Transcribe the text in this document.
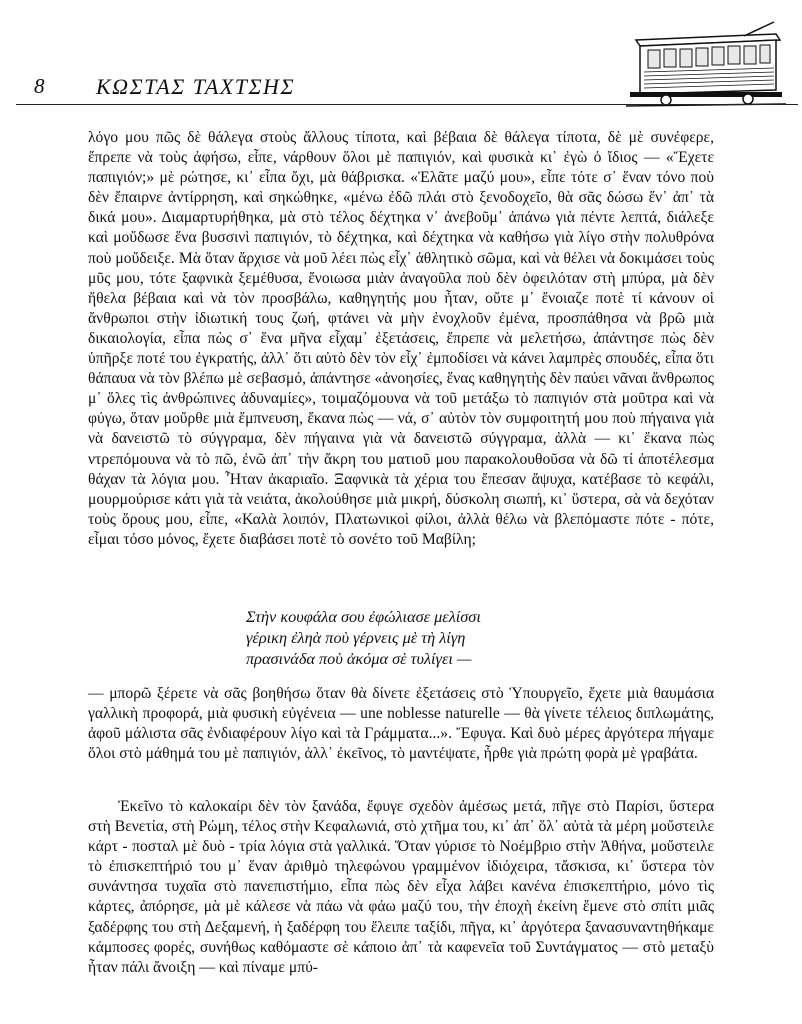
8 ΚΩΣΤΑΣ ΤΑΧΤΣΗΣ

λόγο μου πῶς δὲ θάλεγα στοὺς ἄλλους τίποτα, καὶ βέβαια δὲ θάλεγα τίποτα, δὲ μὲ συνέφερε, ἔπρεπε νὰ τοὺς ἀφήσω, εἶπε, νάρθουν ὅλοι μὲ παπιγιόν, καὶ φυσικὰ κι᾿ ἐγὼ ὁ ἴδιος — «Ἔχετε παπιγιόν;» μὲ ρώτησε, κι᾿ εἶπα ὄχι, μὰ θάβρισκα. «Ἐλᾶτε μαζύ μου», εἶπε τότε σ᾿ ἕναν τόνο ποὺ δὲν ἔπαιρνε ἀντίρρηση, καὶ σηκώθηκε, «μένω ἐδῶ πλάι στὸ ξενοδοχεῖο, θὰ σᾶς δώσω ἕν᾿ ἀπ᾿ τὰ δικά μου». Διαμαρτυρήθηκα, μὰ στὸ τέλος δέχτηκα ν᾿ ἀνεβοῦμ᾿ ἀπάνω γιὰ πέντε λεπτά, διάλεξε καὶ μοὔδωσε ἕνα βυσσινὶ παπιγιόν, τὸ δέχτηκα, καὶ δέχτηκα νὰ καθήσω γιὰ λίγο στὴν πολυθρόνα ποὺ μοὔδειξε. Μὰ ὅταν ἄρχισε νὰ μοῦ λέει πὼς εἶχ᾿ ἀθλητικὸ σῶμα, καὶ νὰ θέλει νὰ δοκιμάσει τοὺς μῦς μου, τότε ξαφνικὰ ξεμέθυσα, ἔνοιωσα μιὰν ἀναγοῦλα ποὺ δὲν ὀφειλόταν στὴ μπύρα, μὰ δὲν ἤθελα βέβαια καὶ νὰ τὸν προσβάλω, καθηγητής μου ἦταν, οὔτε μ᾿ ἔνοιαζε ποτὲ τί κάνουν οἱ ἄνθρωποι στὴν ἰδιωτική τους ζωή, φτάνει νὰ μὴν ἐνοχλοῦν ἐμένα, προσπάθησα νὰ βρῶ μιὰ δικαιολογία, εἶπα πὼς σ᾿ ἕνα μῆνα εἶχαμ᾿ ἐξετάσεις, ἔπρεπε νὰ μελετήσω, ἀπάντησε πὼς δὲν ὑπῆρξε ποτέ του ἐγκρατής, ἀλλ᾿ ὅτι αὐτὸ δὲν τὸν εἶχ᾿ ἐμποδίσει νὰ κάνει λαμπρὲς σπουδές, εἶπα ὅτι θάπαυα νὰ τὸν βλέπω μὲ σεβασμό, ἀπάντησε «ἀνοησίες, ἕνας καθηγητὴς δὲν παύει νᾶναι ἄνθρωπος μ᾿ ὅλες τὶς ἀνθρώπινες ἀδυναμίες», τοιμαζόμουνα νὰ τοῦ μετάξω τὸ παπιγιόν στὰ μοῦτρα καὶ νὰ φύγω, ὅταν μοὔρθε μιὰ ἔμπνευση, ἔκανα πὼς — νά, σ᾿ αὐτὸν τὸν συμφοιτητή μου ποὺ πήγαινα γιὰ νὰ δανειστῶ τὸ σύγγραμα, δὲν πήγαινα γιὰ νὰ δανειστῶ σύγγραμα, ἀλλὰ — κι᾿ ἔκανα πὼς ντρεπόμουνα νὰ τὸ πῶ, ἐνῶ ἀπ᾿ τὴν ἄκρη του ματιοῦ μου παρακολουθοῦσα νὰ δῶ τί ἀποτέλεσμα θάχαν τὰ λόγια μου. Ἦταν ἀκαριαῖο. Ξαφνικὰ τὰ χέρια του ἔπεσαν ἄψυχα, κατέβασε τὸ κεφάλι, μουρμούρισε κάτι γιὰ τὰ νειάτα, ἀκολούθησε μιὰ μικρή, δύσκολη σιωπή, κι᾿ ὕστερα, σὰ νὰ δεχόταν τοὺς ὅρους μου, εἶπε, «Καλὰ λοιπόν, Πλατωνικοὶ φίλοι, ἀλλὰ θέλω νὰ βλεπόμαστε πότε - πότε, εἶμαι τόσο μόνος, ἔχετε διαβάσει ποτὲ τὸ σονέτο τοῦ Μαβίλη;

Στὴν κουφάλα σου ἐφώλιασε μελίσσι
γέρικη ἐληὰ ποὺ γέρνεις μὲ τὴ λίγη
πρασινάδα ποὺ ἀκόμα σὲ τυλίγει —

— μπορῶ ξέρετε νὰ σᾶς βοηθήσω ὅταν θὰ δίνετε ἐξετάσεις στὸ Ὑπουργεῖο, ἔχετε μιὰ θαυμάσια γαλλικὴ προφορά, μιὰ φυσικὴ εὐγένεια — une noblesse naturelle — θὰ γίνετε τέλειος διπλωμάτης, ἀφοῦ μάλιστα σᾶς ἐνδιαφέρουν λίγο καὶ τὰ Γράμματα...». Ἔφυγα. Καὶ δυὸ μέρες ἀργότερα πήγαμε ὅλοι στὸ μάθημά του μὲ παπιγιόν, ἀλλ᾿ ἐκεῖνος, τὸ μαντέψατε, ἦρθε γιὰ πρώτη φορὰ μὲ γραβάτα.

Ἐκεῖνο τὸ καλοκαίρι δὲν τὸν ξανάδα, ἔφυγε σχεδὸν ἀμέσως μετά, πῆγε στὸ Παρίσι, ὕστερα στὴ Βενετία, στὴ Ρώμη, τέλος στὴν Κεφαλωνιά, στὸ χτῆμα του, κι᾿ ἀπ᾿ ὅλ᾿ αὐτὰ τὰ μέρη μοὔστειλε κάρτ - ποσταλ μὲ δυὸ - τρία λόγια στὰ γαλλικά. Ὅταν γύρισε τὸ Νοέμβριο στὴν Ἀθήνα, μοὔστειλε τὸ ἐπισκεπτήριό του μ᾿ ἕναν ἀριθμὸ τηλεφώνου γραμμένον ἰδιόχειρα, τἄσκισα, κι᾿ ὕστερα τὸν συνάντησα τυχαῖα στὸ πανεπιστήμιο, εἶπα πὼς δὲν εἶχα λάβει κανένα ἐπισκεπτήριο, μόνο τὶς κάρτες, ἀπόρησε, μὰ μὲ κάλεσε νὰ πάω νὰ φάω μαζύ του, τὴν ἐποχὴ ἐκείνη ἔμενε στὸ σπίτι μιᾶς ξαδέρφης του στὴ Δεξαμενή, ἡ ξαδέρφη του ἔλειπε ταξίδι, πῆγα, κι᾿ ἀργότερα ξανασυναντηθήκαμε κάμποσες φορές, συνήθως καθόμαστε σὲ κάποιο ἀπ᾿ τὰ καφενεῖα τοῦ Συντάγματος — στὸ μεταξὺ ἦταν πάλι ἄνοιξη — καὶ πίναμε μπύ-
